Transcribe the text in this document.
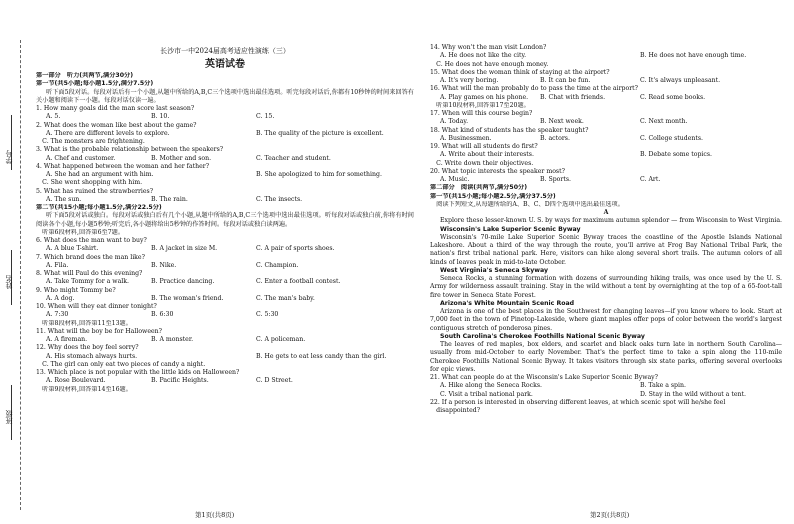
学号
姓名
班级
长沙市一中2024届高考适应性演练（三）
英语试卷
第一部分　听力(共两节,满分30分)
第一节(共5小题;每小题1.5分,满分7.5分)
听下面5段对话。每段对话后有一个小题,从题中所给的A,B,C三个选项中选出最佳选项。听完每段对话后,你都有10秒钟的时间来回答有关小题和阅读下一小题。每段对话仅读一遍。
1. How many goals did the man score last season?
A. 5.	B. 10.	C. 15.
2. What does the woman like best about the game?
A. There are different levels to explore.	B. The quality of the picture is excellent.
　C. The monsters are frightening.
3. What is the probable relationship between the speakers?
A. Chef and customer.	B. Mother and son.	C. Teacher and student.
4. What happened between the woman and her father?
A. She had an argument with him.	B. She apologized to him for something.
　C. She went shopping with him.
5. What has ruined the strawberries?
A. The sun.	B. The rain.	C. The insects.
第二节(共15小题;每小题1.5分,满分22.5分)
听下面5段对话或独白。每段对话或独白后有几个小题,从题中所给的A,B,C三个选项中选出最佳选项。听每段对话或独白前,你将有时间阅读各个小题,每小题5秒钟;听完后,各小题将给出5秒钟的作答时间。每段对话或独白读两遍。
　听第6段材料,回答第6至7题。
6. What does the man want to buy?
A. A blue T-shirt.	B. A jacket in size M.	C. A pair of sports shoes.
7. Which brand does the man like?
A. Fila.	B. Nike.	C. Champion.
8. What will Paul do this evening?
A. Take Tommy for a walk.	B. Practice dancing.	C. Enter a football contest.
9. Who might Tommy be?
A. A dog.	B. The woman's friend.	C. The man's baby.
10. When will they eat dinner tonight?
A. 7:30	B. 6:30	C. 5:30
　听第8段材料,回答第11至13题。
11. What will the boy be for Halloween?
A. A fireman.	B. A monster.	C. A policeman.
12. Why does the boy feel sorry?
A. His stomach always hurts.	B. He gets to eat less candy than the girl.
　C. The girl can only eat two pieces of candy a night.
13. Which place is not popular with the little kids on Halloween?
A. Rose Boulevard.	B. Pacific Heights.	C. D Street.
　听第9段材料,回答第14至16题。
14. Why won't the man visit London?
A. He does not like the city.	B. He does not have enough time.
　C. He does not have enough money.
15. What does the woman think of staying at the airport?
A. It's very boring.	B. It can be fun.	C. It's always unpleasant.
16. What will the man probably do to pass the time at the airport?
A. Play games on his phone.	B. Chat with friends.	C. Read some books.
　听第10段材料,回答第17至20题。
17. When will this course begin?
A. Today.	B. Next week.	C. Next month.
18. What kind of students has the speaker taught?
A. Businessmen.	B. actors.	C. College students.
19. What will all students do first?
A. Write about their interests.	B. Debate some topics.
　C. Write down their objectives.
20. What topic interests the speaker most?
A. Music.	B. Sports.	C. Art.
第二部分　阅读(共两节,满分50分)
第一节(共15小题;每小题2.5分,满分37.5分)
　阅读下列短文,从每题所给的A、B、C、D四个选项中选出最佳选项。
A
Explore these lesser-known U. S. by ways for maximum autumn splendor — from Wisconsin to West Virginia.
Wisconsin's Lake Superior Scenic Byway
Wisconsin's 70-mile Lake Superior Scenic Byway traces the coastline of the Apostle Islands National Lakeshore. About a third of the way through the route, you'll arrive at Frog Bay National Tribal Park, the nation's first tribal national park. Here, visitors can hike along several short trails. The autumn colors of all kinds of leaves peak in mid-to-late October.
West Virginia's Seneca Skyway
Seneca Rocks, a stunning formation with dozens of surrounding hiking trails, was once used by the U. S. Army for wilderness assault training. Stay in the wild without a tent by overnighting at the top of a 65-foot-tall fire tower in Seneca State Forest.
Arizona's White Mountain Scenic Road
Arizona is one of the best places in the Southwest for changing leaves—if you know where to look. Start at 7,000 feet in the town of Pinetop-Lakeside, where giant maples offer pops of color between the world's largest contiguous stretch of ponderosa pines.
South Carolina's Cherokee Foothills National Scenic Byway
The leaves of red maples, box elders, and scarlet and black oaks turn late in northern South Carolina—usually from mid-October to early November. That's the perfect time to take a spin along the 110-mile Cherokee Foothills National Scenic Byway. It takes visitors through six state parks, offering several overlooks for epic views.
21. What can people do at the Wisconsin's Lake Superior Scenic Byway?
A. Hike along the Seneca Rocks.	B. Take a spin.
C. Visit a tribal national park.	D. Stay in the wild without a tent.
22. If a person is interested in observing different leaves, at which scenic spot will he/she feel
　disappointed?
第1页(共8页)	第2页(共8页)
